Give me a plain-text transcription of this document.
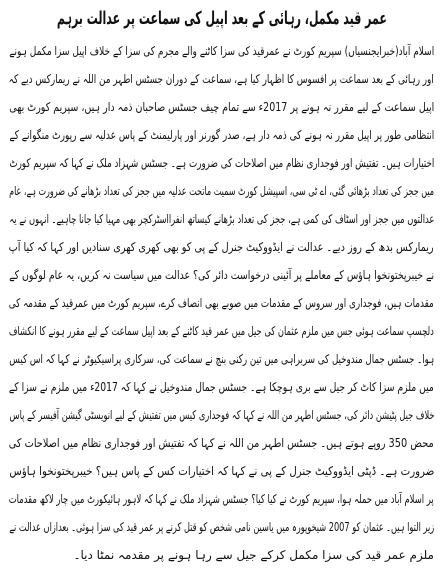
عمر قید مکمل، رہائی کے بعد اپیل کی سماعت پر عدالت برہم
اسلام آباد(خبرایجنسیاں) سپریم کورٹ نے عمرقید کی سزا کاٹنے والے مجرم کی سزا کے خلاف اپیل سزا مکمل ہونے
اور رہائی کے بعد سماعت پر افسوس کا اظہار کیا ہے، سماعت کے دوران جسٹس اطہر من اللہ نے ریمارکس دیے کہ
اپیل سماعت کے لیے مقرر نہ ہونے پر 2017ء سے تمام چیف جسٹس صاحبان ذمہ دار ہیں، سپریم کورٹ بھی
انتظامی طور پر اپیل مقرر نہ ہونے کی ذمہ دار ہے، صدر گورنر اور پارلیمنٹ کے پاس عدلیہ سے رپورٹ منگوانے کے
اختیارات ہیں۔ تفتیش اور فوجداری نظام میں اصلاحات کی ضرورت ہے۔ جسٹس شہزاد ملک نے کہا کہ سپریم کورٹ
میں ججز کی تعداد بڑھائی گئی، اے ٹی سی، اسپیشل کورٹ سمیت ماتحت عدلیہ میں ججز کی تعداد بڑھانے کی ضرورت ہے، عام
عدالتوں میں ججز اور اسٹاف کی کمی ہے، ججز کی تعداد بڑھانے کیساتھ انفرااسٹرکچر بھی مہیا کیا جانا چاہیے۔ انہوں نے یہ
ریمارکس بدھ کے روز دیے۔ عدالت نے ایڈووکیٹ جنرل کے پی کو بھی کھری کھری سنادیں اور کہا کہ کیا آپ
نے خیبرپختونخوا ہاؤس کے معاملے پر آئینی درخواست دائر کی؟ عدالت میں سیاست نہ کریں، یہ عام لوگوں کے
مقدمات ہیں، فوجداری اور سروس کے مقدمات میں صوبے بھی انصاف کرے، سپریم کورٹ میں عمرقید کے مقدمہ کی
دلچسپ سماعت ہوئی جس میں ملزم عثمان کی جیل میں عمر قید کاٹنے کے بعد اپیل سماعت کے لیے مقرر ہونے کا انکشاف
ہوا۔ جسٹس جمال مندوخیل کی سربراہی میں تین رکنی بنچ نے سماعت کی، سرکاری پراسیکیوٹر نے کہا کہ اس کیس
میں ملزم سزا کاٹ کر جیل سے بری ہوچکا ہے۔ جسٹس جمال مندوخیل نے کہا کہ 2017ء میں ملزم نے سزا کے
خلاف جیل پٹیشن دائر کی، جسٹس اطہر من اللہ نے کہا کہ فوجداری کیس میں تفتیش کے لیے انویسٹی گیشن آفیسر کے پاس
محض 350 روپے ہوتے ہیں۔ جسٹس اطہر من اللہ نے کہا کہ تفتیش اور فوجداری نظام میں اصلاحات کی
ضرورت ہے۔ ڈپٹی ایڈووکیٹ جنرل کے پی نے کہا کہ اختیارات کس کے پاس ہیں؟ خیبرپختونخوا ہاؤس
پر اسلام آباد میں حملہ ہوا، سپریم کورٹ نے کیا کیا؟ جسٹس شہزاد ملک نے کہا کہ لاہور ہائیکورٹ میں چار لاکھ مقدمات
زیر التوا ہیں۔ عثمان کو 2007 شیخوپورہ میں یاسین نامی شخص کو قتل کرنے پر عمر قید کی سزا ہوئی۔ بعدازاں عدالت نے
ملزم عمر قید کی سزا مکمل کرکے جیل سے رہا ہونے پر مقدمہ نمٹا دیا۔
